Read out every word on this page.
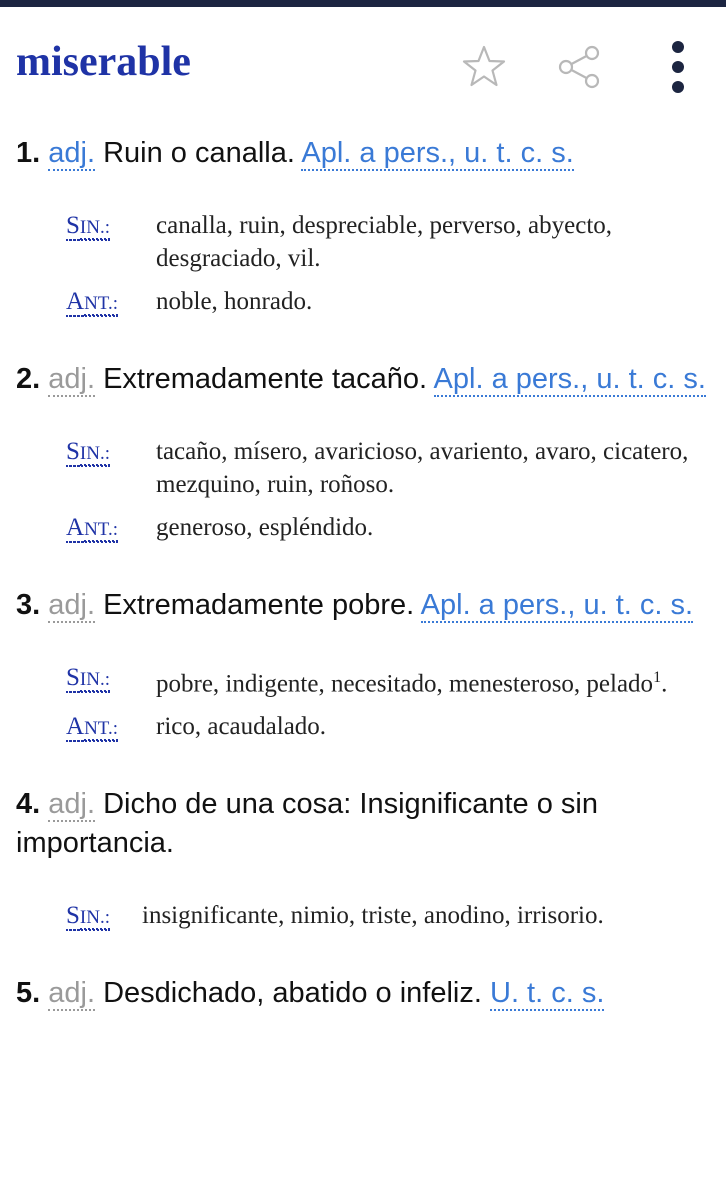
miserable

1. adj. Ruin o canalla. Apl. a pers., u. t. c. s.

SIN.:	canalla, ruin, despreciable, perverso, abyecto, desgraciado, vil.
ANT.:	noble, honrado.

2. adj. Extremadamente tacaño. Apl. a pers., u. t. c. s.

SIN.:	tacaño, mísero, avaricioso, avariento, avaro, cicatero, mezquino, ruin, roñoso.
ANT.:	generoso, espléndido.

3. adj. Extremadamente pobre. Apl. a pers., u. t. c. s.

SIN.:	pobre, indigente, necesitado, menesteroso, pelado$^1$.
ANT.:	rico, acaudalado.

4. adj. Dicho de una cosa: Insignificante o sin importancia.

SIN.:	insignificante, nimio, triste, anodino, irrisorio.

5. adj. Desdichado, abatido o infeliz. U. t. c. s.
